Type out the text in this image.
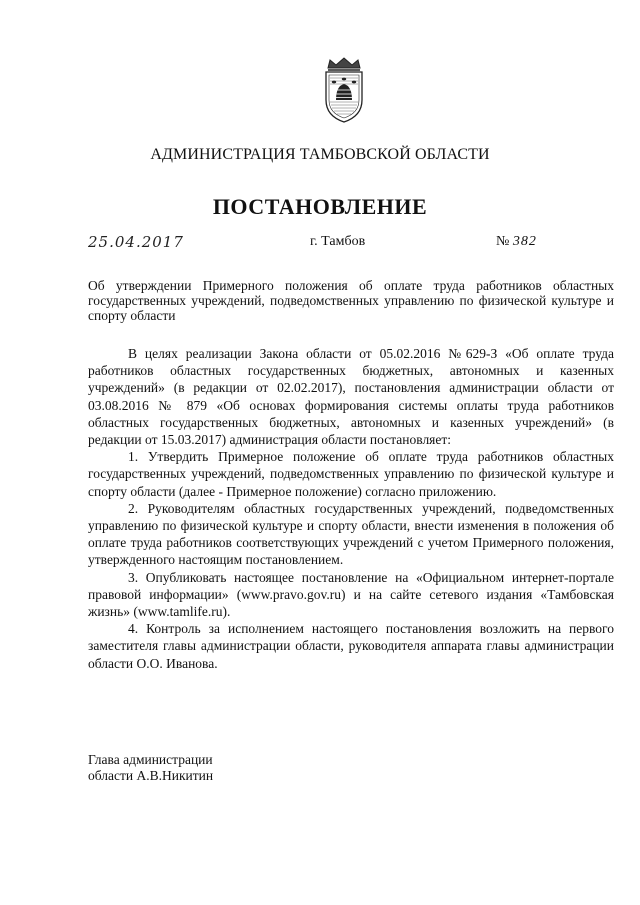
АДМИНИСТРАЦИЯ ТАМБОВСКОЙ ОБЛАСТИ
ПОСТАНОВЛЕНИЕ
25.04.2017	г. Тамбов	№ 382
Об утверждении Примерного положения об оплате труда работников областных государственных учреждений, подведомственных управлению по физической культуре и спорту области

В целях реализации Закона области от 05.02.2016 №629-З «Об оплате труда работников областных государственных бюджетных, автономных и казенных учреждений» (в редакции от 02.02.2017), постановления администрации области от 03.08.2016 № 879 «Об основах формирования системы оплаты труда работников областных государственных бюджетных, автономных и казенных учреждений» (в редакции от 15.03.2017) администрация области постановляет:

1. Утвердить Примерное положение об оплате труда работников областных государственных учреждений, подведомственных управлению по физической культуре и спорту области (далее - Примерное положение) согласно приложению.

2. Руководителям областных государственных учреждений, подведомственных управлению по физической культуре и спорту области, внести изменения в положения об оплате труда работников соответствующих учреждений с учетом Примерного положения, утвержденного настоящим постановлением.

3. Опубликовать настоящее постановление на «Официальном интернет-портале правовой информации» (www.pravo.gov.ru) и на сайте сетевого издания «Тамбовская жизнь» (www.tamlife.ru).

4. Контроль за исполнением настоящего постановления возложить на первого заместителя главы администрации области, руководителя аппарата главы администрации области О.О. Иванова.

Глава администрации
области А.В.Никитин
